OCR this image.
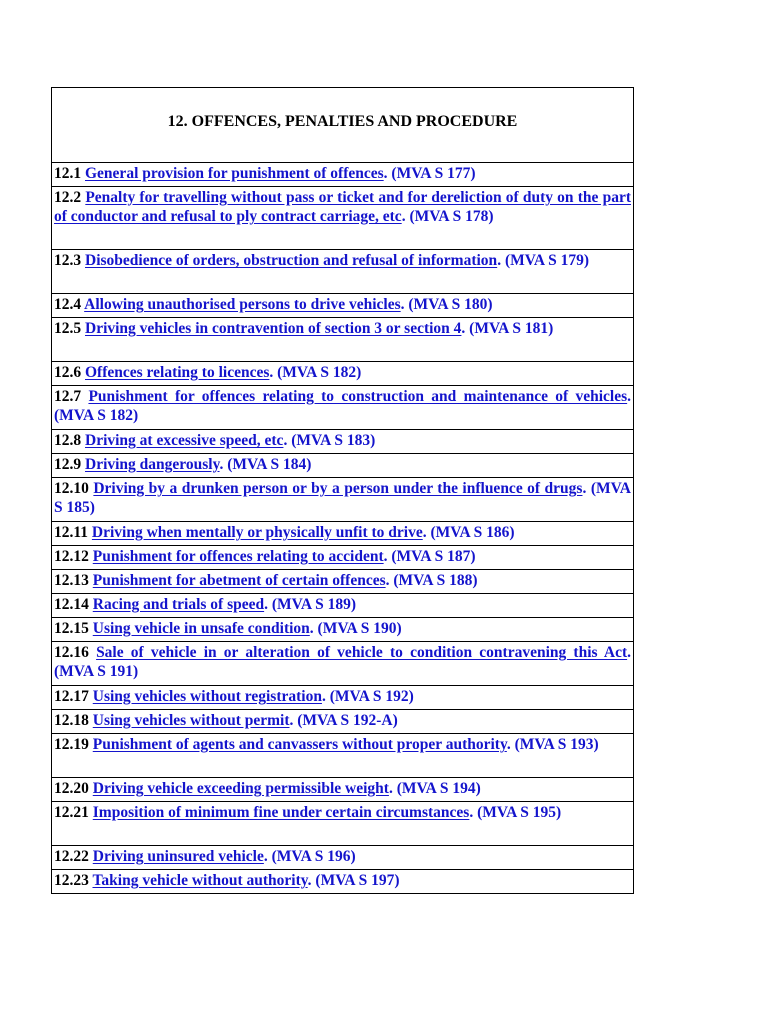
12. OFFENCES, PENALTIES AND PROCEDURE

12.1 General provision for punishment of offences. (MVA S 177)

12.2 Penalty for travelling without pass or ticket and for dereliction of duty on the part of conductor and refusal to ply contract carriage, etc. (MVA S 178)

12.3 Disobedience of orders, obstruction and refusal of information. (MVA S 179)

12.4 Allowing unauthorised persons to drive vehicles. (MVA S 180)

12.5 Driving vehicles in contravention of section 3 or section 4. (MVA S 181)

12.6 Offences relating to licences. (MVA S 182)

12.7 Punishment for offences relating to construction and maintenance of vehicles. (MVA S 182)

12.8 Driving at excessive speed, etc. (MVA S 183)

12.9 Driving dangerously. (MVA S 184)

12.10 Driving by a drunken person or by a person under the influence of drugs. (MVA S 185)

12.11 Driving when mentally or physically unfit to drive. (MVA S 186)

12.12 Punishment for offences relating to accident. (MVA S 187)

12.13 Punishment for abetment of certain offences. (MVA S 188)

12.14 Racing and trials of speed. (MVA S 189)

12.15 Using vehicle in unsafe condition. (MVA S 190)

12.16 Sale of vehicle in or alteration of vehicle to condition contravening this Act. (MVA S 191)

12.17 Using vehicles without registration. (MVA S 192)

12.18 Using vehicles without permit. (MVA S 192-A)

12.19 Punishment of agents and canvassers without proper authority. (MVA S 193)

12.20 Driving vehicle exceeding permissible weight. (MVA S 194)

12.21 Imposition of minimum fine under certain circumstances. (MVA S 195)

12.22 Driving uninsured vehicle. (MVA S 196)

12.23 Taking vehicle without authority. (MVA S 197)
